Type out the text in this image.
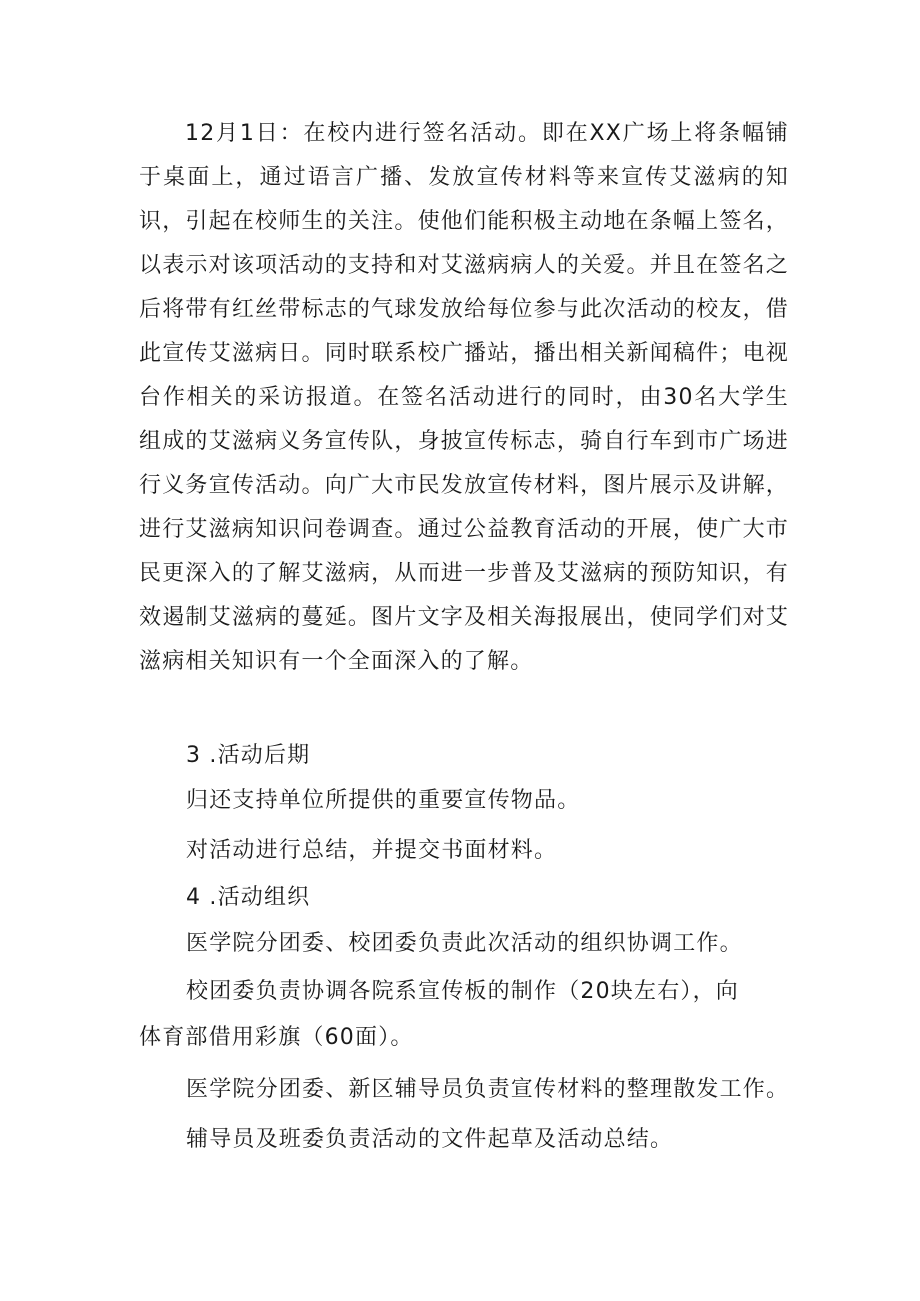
12月1日：在校内进行签名活动。即在XX广场上将条幅铺于桌面上，通过语言广播、发放宣传材料等来宣传艾滋病的知识，引起在校师生的关注。使他们能积极主动地在条幅上签名，以表示对该项活动的支持和对艾滋病病人的关爱。并且在签名之后将带有红丝带标志的气球发放给每位参与此次活动的校友，借此宣传艾滋病日。同时联系校广播站，播出相关新闻稿件；电视台作相关的采访报道。在签名活动进行的同时，由30名大学生组成的艾滋病义务宣传队，身披宣传标志，骑自行车到市广场进行义务宣传活动。向广大市民发放宣传材料，图片展示及讲解，进行艾滋病知识问卷调查。通过公益教育活动的开展，使广大市民更深入的了解艾滋病，从而进一步普及艾滋病的预防知识，有效遏制艾滋病的蔓延。图片文字及相关海报展出，使同学们对艾滋病相关知识有一个全面深入的了解。

3 .活动后期

归还支持单位所提供的重要宣传物品。

对活动进行总结，并提交书面材料。

4 .活动组织

医学院分团委、校团委负责此次活动的组织协调工作。

校团委负责协调各院系宣传板的制作（20块左右），向

体育部借用彩旗（60面）。

医学院分团委、新区辅导员负责宣传材料的整理散发工作。

辅导员及班委负责活动的文件起草及活动总结。
